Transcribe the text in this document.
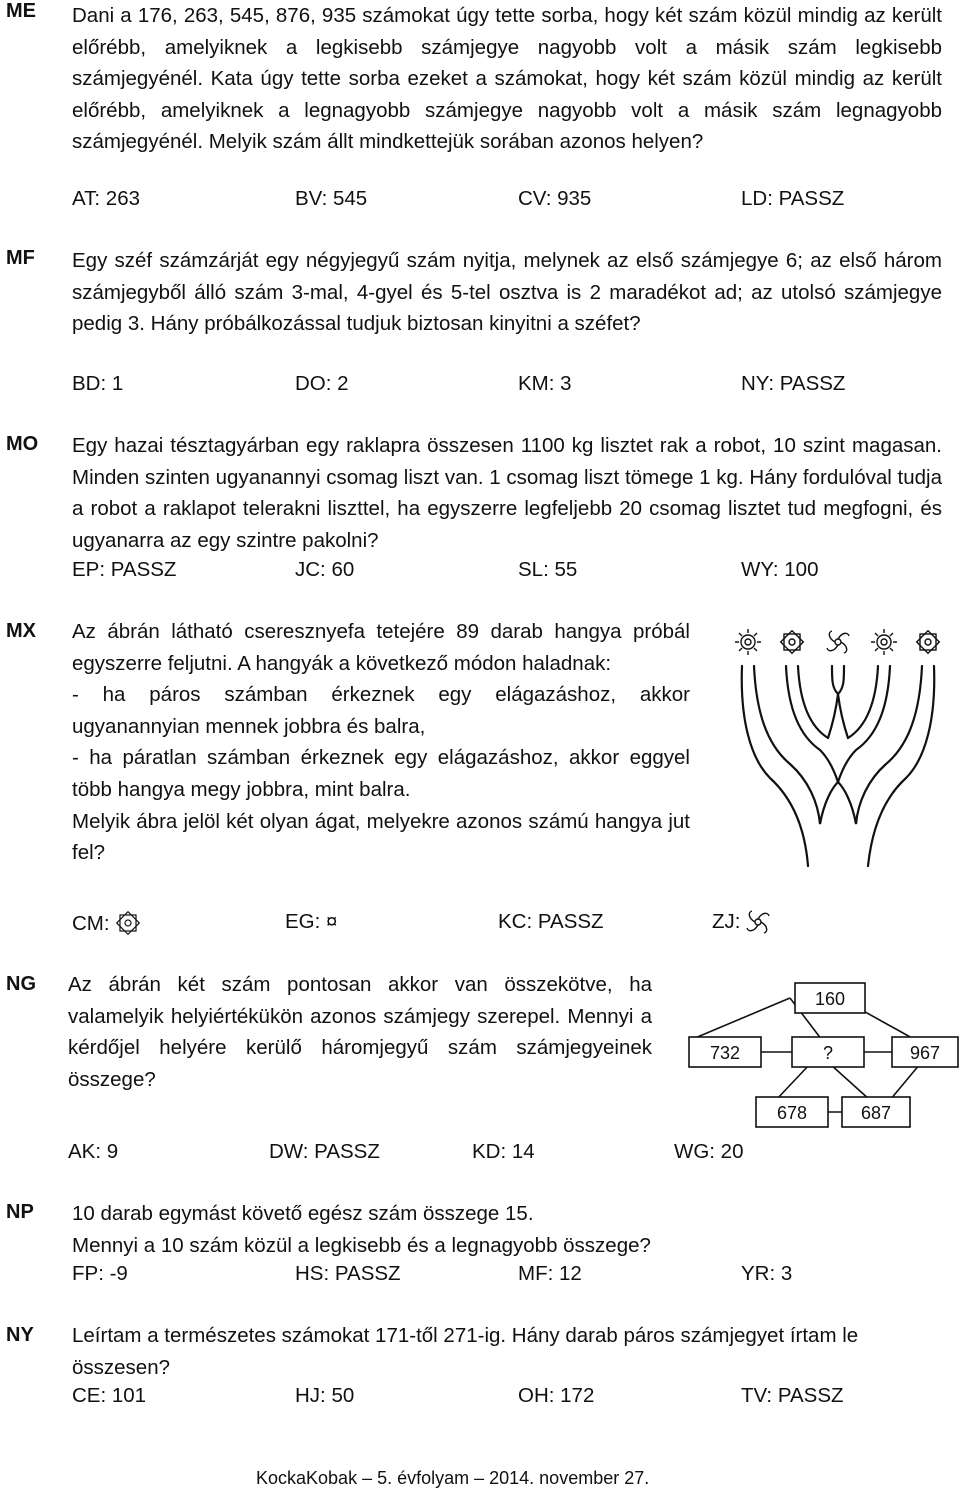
ME Dani a 176, 263, 545, 876, 935 számokat úgy tette sorba, hogy két szám közül mindig az került előrébb, amelyiknek a legkisebb számjegye nagyobb volt a másik szám legkisebb számjegyénél. Kata úgy tette sorba ezeket a számokat, hogy két szám közül mindig az került előrébb, amelyiknek a legnagyobb számjegye nagyobb volt a másik szám legnagyobb számjegyénél. Melyik szám állt mindkettejük sorában azonos helyen?
AT: 263	BV: 545	CV: 935	LD: PASSZ
MF Egy széf számzárját egy négyjegyű szám nyitja, melynek az első számjegye 6; az első három számjegyből álló szám 3-mal, 4-gyel és 5-tel osztva is 2 maradékot ad; az utolsó számjegye pedig 3. Hány próbálkozással tudjuk biztosan kinyitni a széfet?
BD: 1	DO: 2	KM: 3	NY: PASSZ
MO Egy hazai tésztagyárban egy raklapra összesen 1100 kg lisztet rak a robot, 10 szint magasan. Minden szinten ugyanannyi csomag liszt van. 1 csomag liszt tömege 1 kg. Hány fordulóval tudja a robot a raklapot telerakni liszttel, ha egyszerre legfeljebb 20 csomag lisztet tud megfogni, és ugyanarra az egy szintre pakolni?
EP: PASSZ	JC: 60	SL: 55	WY: 100
MX Az ábrán látható cseresznyefa tetejére 89 darab hangya próbál egyszerre feljutni. A hangyák a következő módon haladnak:

- ha páros számban érkeznek egy elágazáshoz, akkor ugyanannyian mennek jobbra és balra,

- ha páratlan számban érkeznek egy elágazáshoz, akkor eggyel több hangya megy jobbra, mint balra.

Melyik ábra jelöl két olyan ágat, melyekre azonos számú hangya jut fel?

CM:	EG: ¤	KC: PASSZ	ZJ:
NG Az ábrán két szám pontosan akkor van összekötve, ha valamelyik helyiértékükön azonos számjegy szerepel. Mennyi a kérdőjel helyére kerülő háromjegyű szám számjegyeinek összege?
160
732	?	967
678	687
AK: 9	DW: PASSZ	KD: 14	WG: 20
NP 10 darab egymást követő egész szám összege 15.

Mennyi a 10 szám közül a legkisebb és a legnagyobb összege?

FP: -9	HS: PASSZ	MF: 12	YR: 3
NY Leírtam a természetes számokat 171-től 271-ig. Hány darab páros számjegyet írtam le összesen?
CE: 101	HJ: 50	OH: 172	TV: PASSZ
KockaKobak – 5. évfolyam – 2014. november 27.
